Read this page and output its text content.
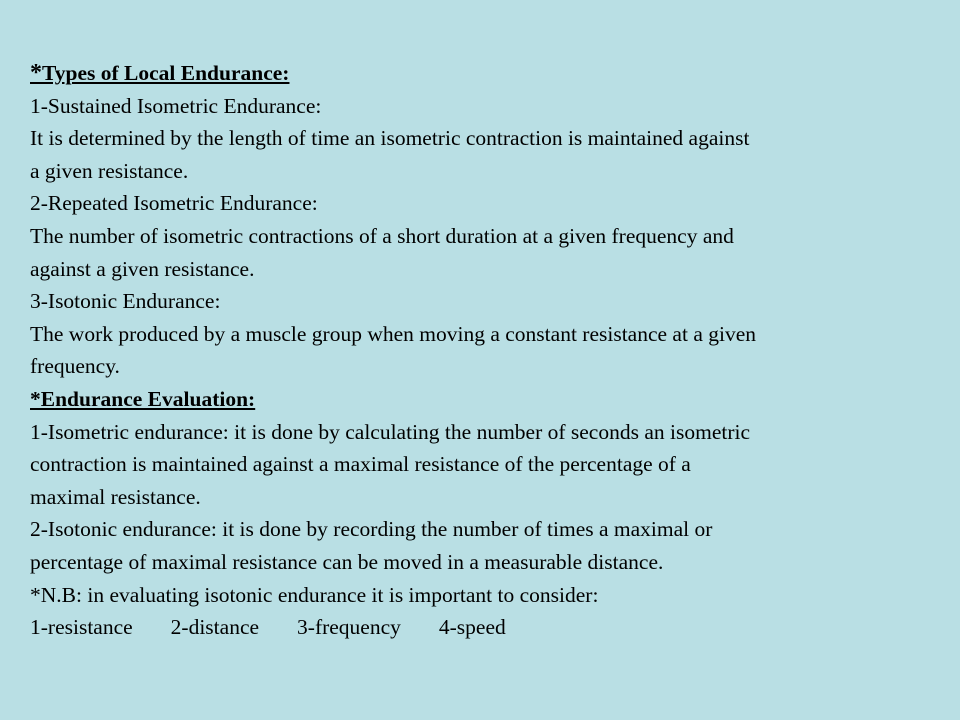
*Types of Local Endurance:
1-Sustained Isometric Endurance:
It is determined by the length of time an isometric contraction is maintained against
a given resistance.
2-Repeated Isometric Endurance:
The number of isometric contractions of a short duration at a given frequency and
against a given resistance.
3-Isotonic Endurance:
The work produced by a muscle group when moving a constant resistance at a given
frequency.
*Endurance Evaluation:
1-Isometric endurance: it is done by calculating the number of seconds an isometric
contraction is maintained against a maximal resistance of the percentage of a
maximal resistance.
2-Isotonic endurance: it is done by recording the number of times a maximal or
percentage of maximal resistance can be moved in a measurable distance.
*N.B: in evaluating isotonic endurance it is important to consider:
1-resistance 2-distance 3-frequency 4-speed
